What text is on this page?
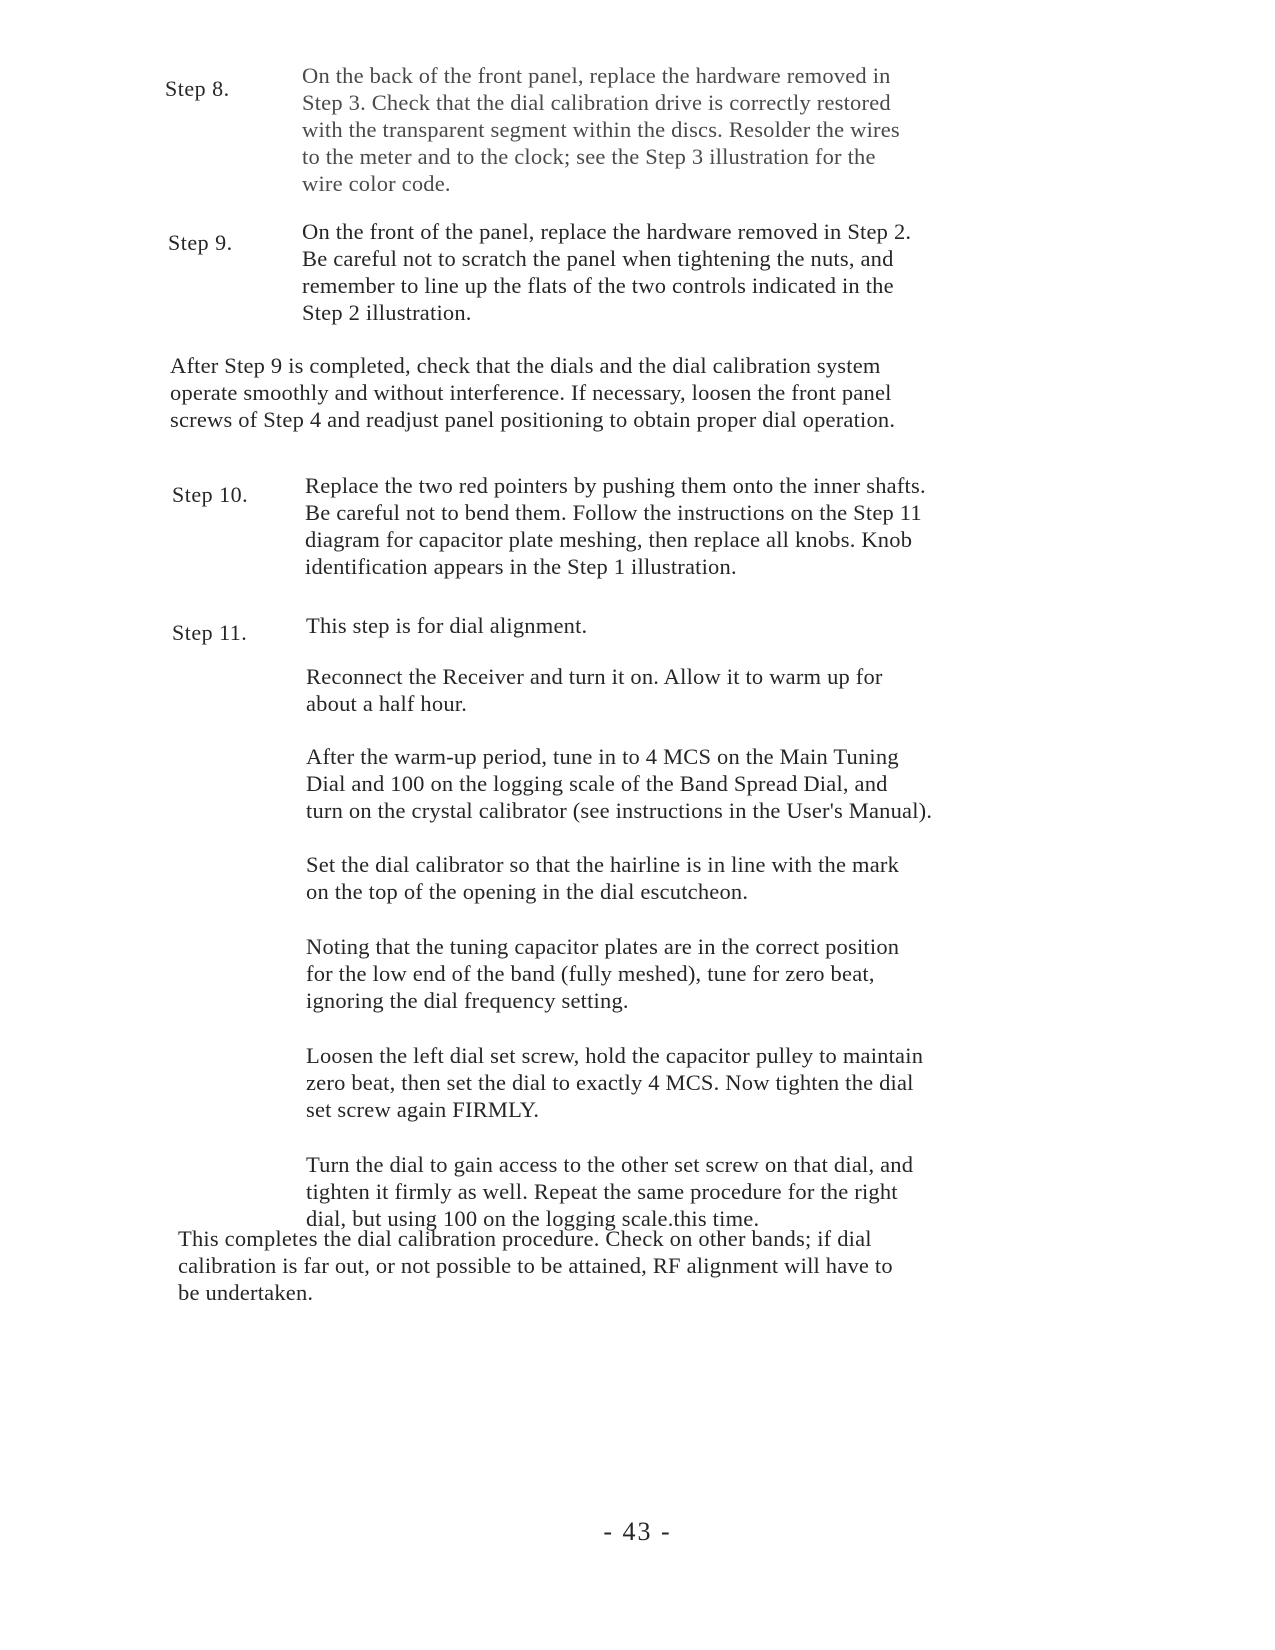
Step 8.
On the back of the front panel, replace the hardware removed in
Step 3. Check that the dial calibration drive is correctly restored
with the transparent segment within the discs. Resolder the wires
to the meter and to the clock; see the Step 3 illustration for the
wire color code.
Step 9.	On the front of the panel, replace the hardware removed in Step 2.
Be careful not to scratch the panel when tightening the nuts, and
remember to line up the flats of the two controls indicated in the
Step 2 illustration.
After Step 9 is completed, check that the dials and the dial calibration system
operate smoothly and without interference. If necessary, loosen the front panel
screws of Step 4 and readjust panel positioning to obtain proper dial operation.
Step 10.	Replace the two red pointers by pushing them onto the inner shafts.
Be careful not to bend them. Follow the instructions on the Step 11
diagram for capacitor plate meshing, then replace all knobs. Knob
identification appears in the Step 1 illustration.
Step 11.	This step is for dial alignment.
Reconnect the Receiver and turn it on. Allow it to warm up for
about a half hour.
After the warm-up period, tune in to 4 MCS on the Main Tuning
Dial and 100 on the logging scale of the Band Spread Dial, and
turn on the crystal calibrator (see instructions in the User's Manual).
Set the dial calibrator so that the hairline is in line with the mark
on the top of the opening in the dial escutcheon.
Noting that the tuning capacitor plates are in the correct position
for the low end of the band (fully meshed), tune for zero beat,
ignoring the dial frequency setting.
Loosen the left dial set screw, hold the capacitor pulley to maintain
zero beat, then set the dial to exactly 4 MCS. Now tighten the dial
set screw again FIRMLY.
Turn the dial to gain access to the other set screw on that dial, and
tighten it firmly as well. Repeat the same procedure for the right
dial, but using 100 on the logging scale.this time.
This completes the dial calibration procedure. Check on other bands; if dial
calibration is far out, or not possible to be attained, RF alignment will have to
be undertaken.
- 43 -
